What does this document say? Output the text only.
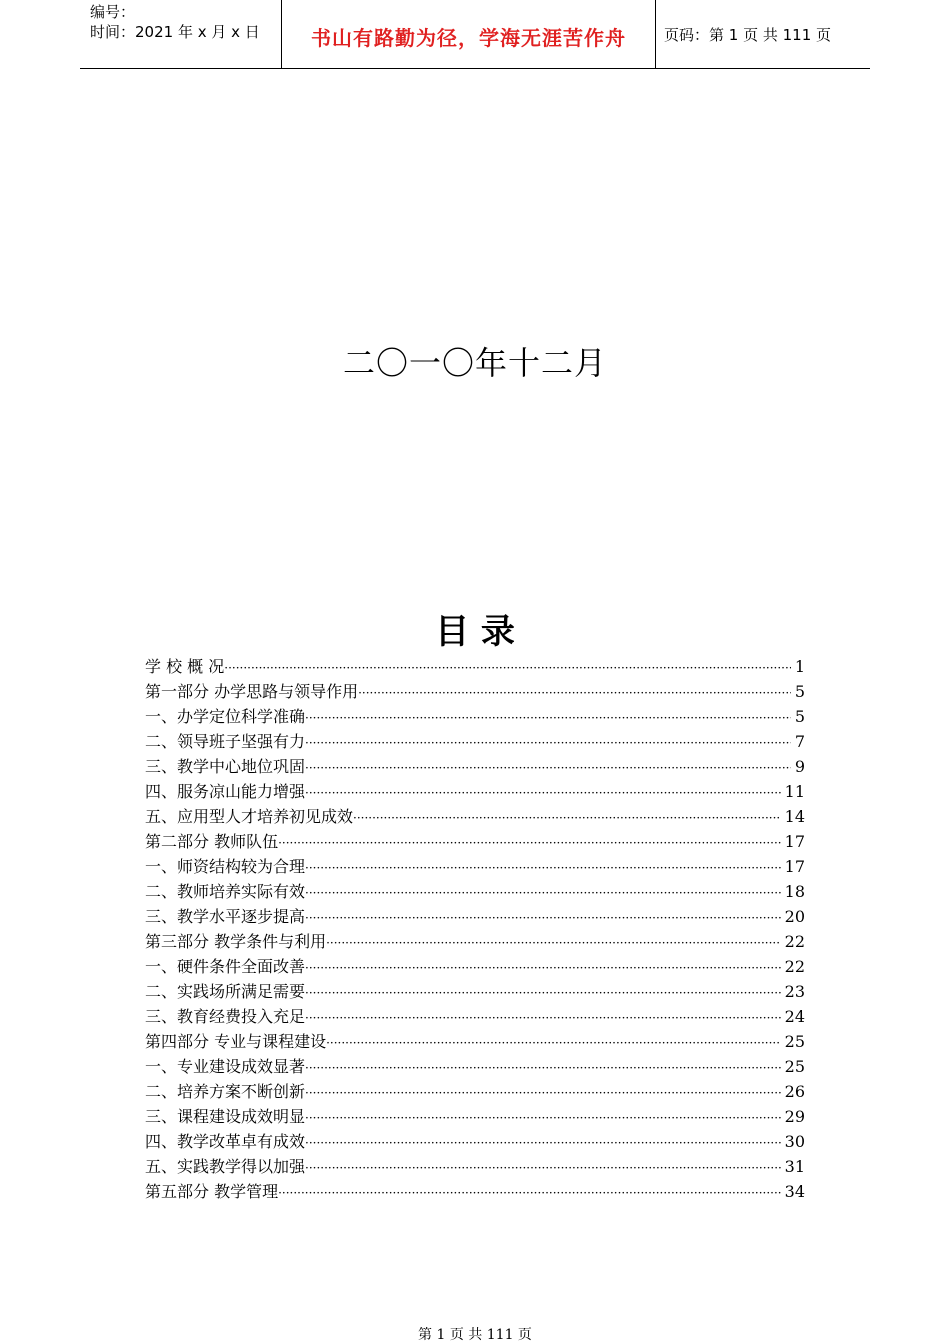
编号：
时间：2021 年 x 月 x 日	书山有路勤为径，学海无涯苦作舟	页码：第 1 页 共 111 页
二〇一〇年十二月
目 录
学 校 概 况 ·····	1
第一部分 办学思路与领导作用 ·····	5
一、办学定位科学准确 ·····	5
二、领导班子坚强有力 ·····	7
三、教学中心地位巩固 ·····	9
四、服务凉山能力增强 ·····	11
五、应用型人才培养初见成效 ·····	14
第二部分 教师队伍 ·····	17
一、师资结构较为合理 ·····	17
二、教师培养实际有效 ·····	18
三、教学水平逐步提高 ·····	20
第三部分 教学条件与利用 ·····	22
一、硬件条件全面改善 ·····	22
二、实践场所满足需要 ·····	23
三、教育经费投入充足 ·····	24
第四部分 专业与课程建设 ·····	25
一、专业建设成效显著 ·····	25
二、培养方案不断创新 ·····	26
三、课程建设成效明显 ·····	29
四、教学改革卓有成效 ·····	30
五、实践教学得以加强 ·····	31
第五部分 教学管理 ·····	34
第 1 页 共 111 页
